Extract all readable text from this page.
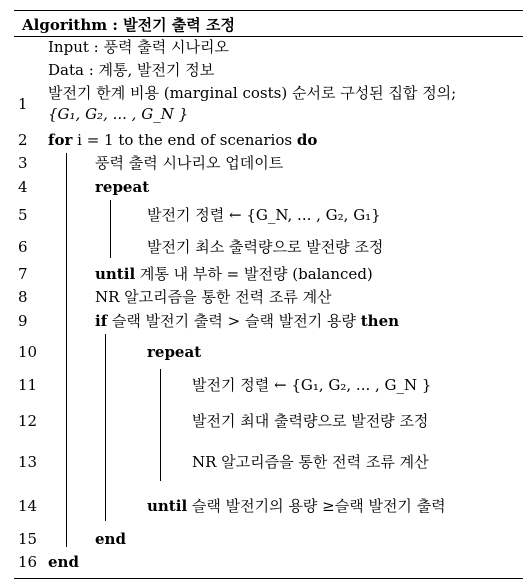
Algorithm : 발전기 출력 조정
Input : 풍력 출력 시나리오
Data : 계통, 발전기 정보
1
발전기 한계 비용 (marginal costs) 순서로 구성된 집합 정의;
{G₁, G₂, ... , G_N }
2 for i = 1 to the end of scenarios do
3	풍력 출력 시나리오 업데이트
4	repeat
5	발전기 정렬 ← {G_N, ... , G₂, G₁}
6	발전기 최소 출력량으로 발전량 조정
7	until 계통 내 부하 = 발전량 (balanced)
8	NR 알고리즘을 통한 전력 조류 계산
9	if 슬랙 발전기 출력 > 슬랙 발전기 용량 then
10	repeat
11	발전기 정렬 ← {G₁, G₂, ... , G_N }
12	발전기 최대 출력량으로 발전량 조정
13	NR 알고리즘을 통한 전력 조류 계산
14	until 슬랙 발전기의 용량 ≥슬랙 발전기 출력
15	end
16 end
